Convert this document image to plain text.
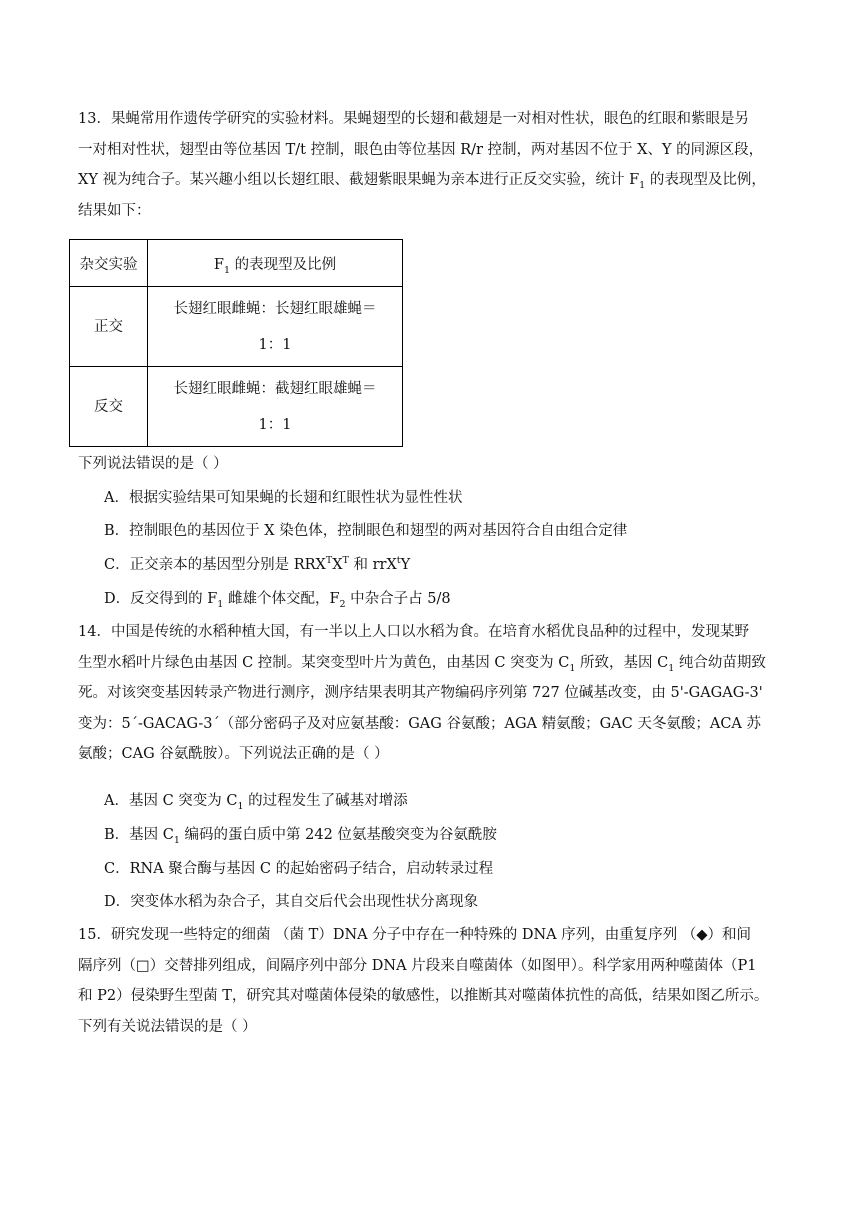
13．果蝇常用作遗传学研究的实验材料。果蝇翅型的长翅和截翅是一对相对性状，眼色的红眼和紫眼是另
一对相对性状，翅型由等位基因 T/t 控制，眼色由等位基因 R/r 控制，两对基因不位于 X、Y 的同源区段，
XY 视为纯合子。某兴趣小组以长翅红眼、截翅紫眼果蝇为亲本进行正反交实验，统计 $F_1$ 的表现型及比例，
结果如下：

杂交实验	$F_1$ 的表现型及比例
正交	长翅红眼雌蝇：长翅红眼雄蝇＝
1：1
反交	长翅红眼雌蝇：截翅红眼雄蝇＝
1：1

下列说法错误的是（ ）

A．根据实验结果可知果蝇的长翅和红眼性状为显性性状

B．控制眼色的基因位于 X 染色体，控制眼色和翅型的两对基因符合自由组合定律

C．正交亲本的基因型分别是 $RRX^TX^T$ 和 rrX$^t$Y

D．反交得到的 $F_1$ 雌雄个体交配，$F_2$ 中杂合子占 5/8

14．中国是传统的水稻种植大国，有一半以上人口以水稻为食。在培育水稻优良品种的过程中，发现某野
生型水稻叶片绿色由基因 C 控制。某突变型叶片为黄色，由基因 C 突变为 $C_1$ 所致，基因 $C_1$ 纯合幼苗期致
死。对该突变基因转录产物进行测序，测序结果表明其产物编码序列第 727 位碱基改变，由 5'-GAGAG-3'
变为：5´-GACAG-3´（部分密码子及对应氨基酸：GAG 谷氨酸；AGA 精氨酸；GAC 天冬氨酸；ACA 苏
氨酸；CAG 谷氨酰胺）。下列说法正确的是（ ）

A．基因 C 突变为 $C_1$ 的过程发生了碱基对增添

B．基因 $C_1$ 编码的蛋白质中第 242 位氨基酸突变为谷氨酰胺

C．RNA 聚合酶与基因 C 的起始密码子结合，启动转录过程

D．突变体水稻为杂合子，其自交后代会出现性状分离现象

15．研究发现一些特定的细菌 （菌 T）DNA 分子中存在一种特殊的 DNA 序列，由重复序列 （◆）和间
隔序列（□）交替排列组成，间隔序列中部分 DNA 片段来自噬菌体（如图甲）。科学家用两种噬菌体（P1
和 P2）侵染野生型菌 T，研究其对噬菌体侵染的敏感性，以推断其对噬菌体抗性的高低，结果如图乙所示。
下列有关说法错误的是（ ）
